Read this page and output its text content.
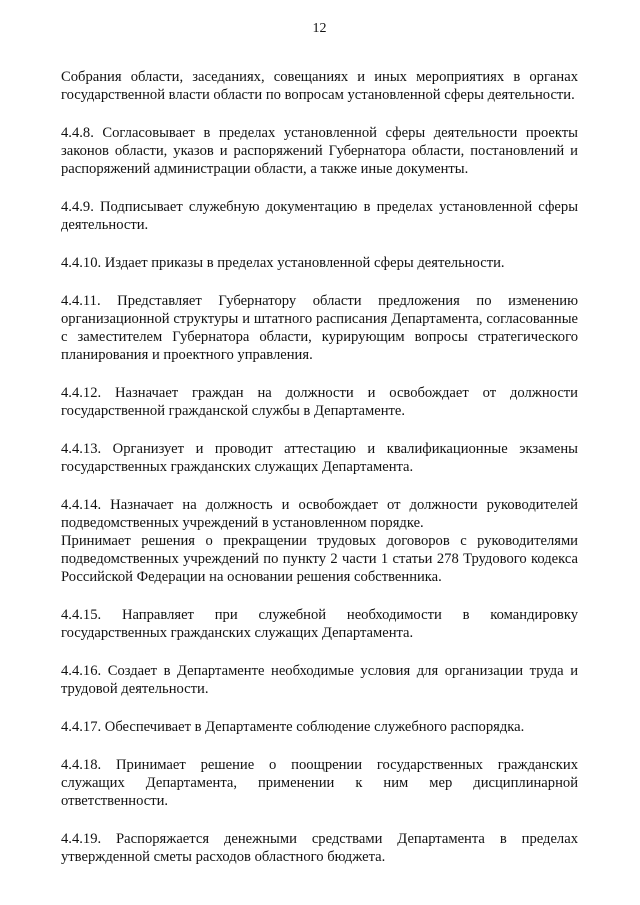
12

Собрания области, заседаниях, совещаниях и иных мероприятиях в органах государственной власти области по вопросам установленной сферы деятельности.

4.4.8. Согласовывает в пределах установленной сферы деятельности проекты законов области, указов и распоряжений Губернатора области, постановлений и распоряжений администрации области, а также иные документы.

4.4.9. Подписывает служебную документацию в пределах установленной сферы деятельности.

4.4.10. Издает приказы в пределах установленной сферы деятельности.

4.4.11. Представляет Губернатору области предложения по изменению организационной структуры и штатного расписания Департамента, согласованные с заместителем Губернатора области, курирующим вопросы стратегического планирования и проектного управления.

4.4.12. Назначает граждан на должности и освобождает от должности государственной гражданской службы в Департаменте.

4.4.13. Организует и проводит аттестацию и квалификационные экзамены государственных гражданских служащих Департамента.

4.4.14. Назначает на должность и освобождает от должности руководителей подведомственных учреждений в установленном порядке.

Принимает решения о прекращении трудовых договоров с руководителями подведомственных учреждений по пункту 2 части 1 статьи 278 Трудового кодекса Российской Федерации на основании решения собственника.

4.4.15. Направляет при служебной необходимости в командировку государственных гражданских служащих Департамента.

4.4.16. Создает в Департаменте необходимые условия для организации труда и трудовой деятельности.

4.4.17. Обеспечивает в Департаменте соблюдение служебного распорядка.

4.4.18. Принимает решение о поощрении государственных гражданских служащих Департамента, применении к ним мер дисциплинарной ответственности.

4.4.19. Распоряжается денежными средствами Департамента в пределах утвержденной сметы расходов областного бюджета.
